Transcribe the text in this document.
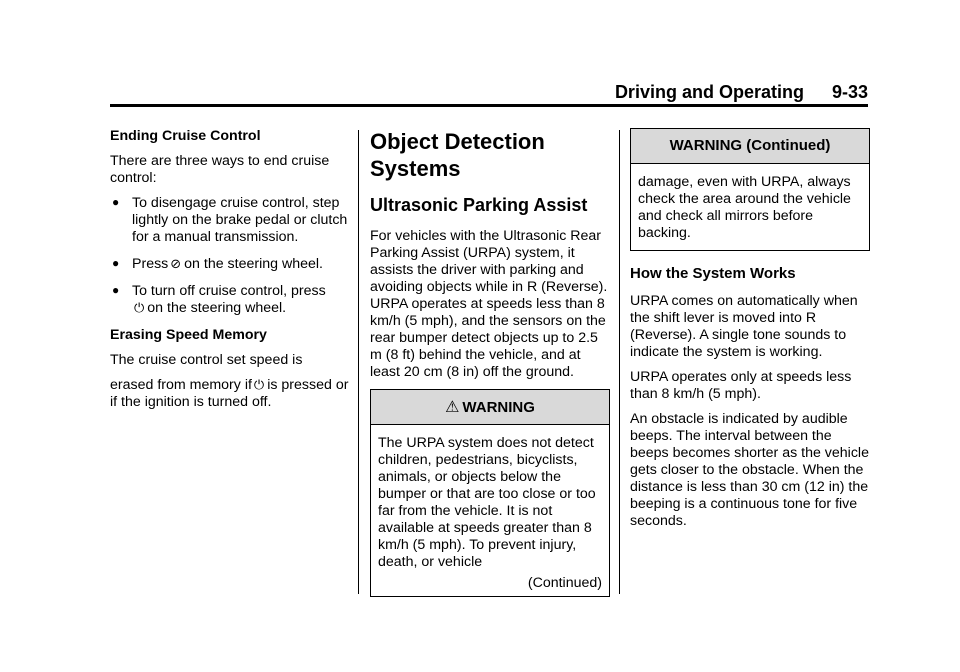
Driving and Operating 9-33
Ending Cruise Control

There are three ways to end cruise control:

● To disengage cruise control, step lightly on the brake pedal or clutch for a manual transmission.
● Press ⊘ on the steering wheel.
● To turn off cruise control, press
⏻ on the steering wheel.
Erasing Speed Memory

The cruise control set speed is
erased from memory if ⏻ is pressed or if the ignition is turned off.

Object Detection Systems
Ultrasonic Parking Assist

For vehicles with the Ultrasonic Rear Parking Assist (URPA) system, it assists the driver with parking and avoiding objects while in R (Reverse). URPA operates at speeds less than 8 km/h (5 mph), and the sensors on the rear bumper detect objects up to 2.5 m (8 ft) behind the vehicle, and at least 20 cm (8 in) off the ground.

⚠ WARNING

The URPA system does not detect children, pedestrians, bicyclists, animals, or objects below the bumper or that are too close or too far from the vehicle. It is not available at speeds greater than 8 km/h (5 mph). To prevent injury, death, or vehicle

(Continued)
WARNING (Continued)

damage, even with URPA, always check the area around the vehicle and check all mirrors before backing.

How the System Works

URPA comes on automatically when the shift lever is moved into R (Reverse). A single tone sounds to indicate the system is working.

URPA operates only at speeds less than 8 km/h (5 mph).

An obstacle is indicated by audible beeps. The interval between the beeps becomes shorter as the vehicle gets closer to the obstacle. When the distance is less than 30 cm (12 in) the beeping is a continuous tone for five seconds.
